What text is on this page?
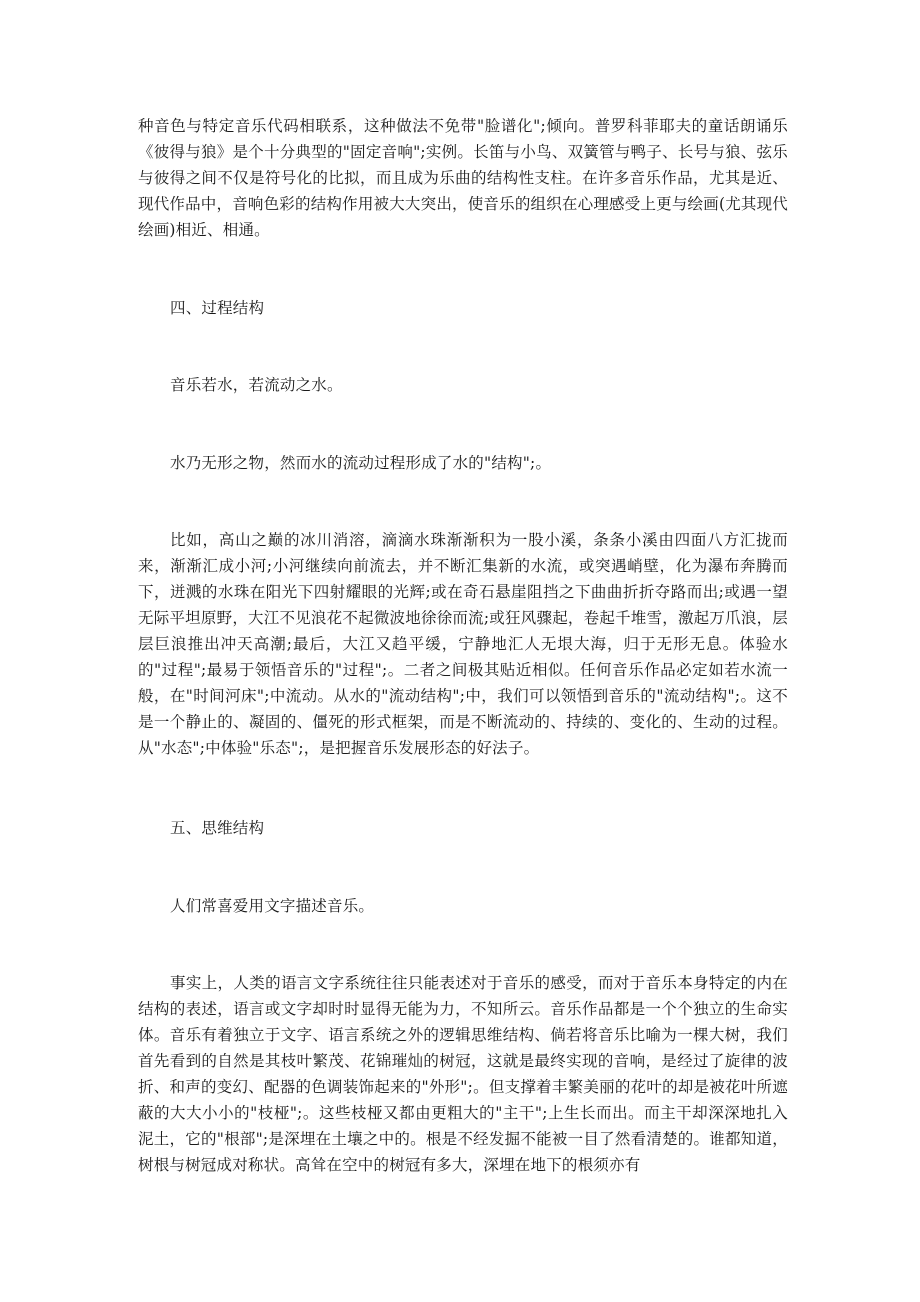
种音色与特定音乐代码相联系，这种做法不免带"脸谱化";倾向。普罗科菲耶夫的童话朗诵乐《彼得与狼》是个十分典型的"固定音响";实例。长笛与小鸟、双簧管与鸭子、长号与狼、弦乐与彼得之间不仅是符号化的比拟，而且成为乐曲的结构性支柱。在许多音乐作品，尤其是近、现代作品中，音响色彩的结构作用被大大突出，使音乐的组织在心理感受上更与绘画(尤其现代绘画)相近、相通。

四、过程结构

音乐若水，若流动之水。

水乃无形之物，然而水的流动过程形成了水的"结构";。

比如，高山之巅的冰川消溶，滴滴水珠渐渐积为一股小溪，条条小溪由四面八方汇拢而来，渐渐汇成小河;小河继续向前流去，并不断汇集新的水流，或突遇峭壁，化为瀑布奔腾而下，迸溅的水珠在阳光下四射耀眼的光辉;或在奇石悬崖阻挡之下曲曲折折夺路而出;或遇一望无际平坦原野，大江不见浪花不起微波地徐徐而流;或狂风骤起，卷起千堆雪，激起万爪浪，层层巨浪推出冲天高潮;最后，大江又趋平缓，宁静地汇人无垠大海，归于无形无息。体验水的"过程";最易于领悟音乐的"过程";。二者之间极其贴近相似。任何音乐作品必定如若水流一般，在"时间河床";中流动。从水的"流动结构";中，我们可以领悟到音乐的"流动结构";。这不是一个静止的、凝固的、僵死的形式框架，而是不断流动的、持续的、变化的、生动的过程。从"水态";中体验"乐态";，是把握音乐发展形态的好法子。

五、思维结构

人们常喜爱用文字描述音乐。

事实上，人类的语言文字系统往往只能表述对于音乐的感受，而对于音乐本身特定的内在结构的表述，语言或文字却时时显得无能为力，不知所云。音乐作品都是一个个独立的生命实体。音乐有着独立于文字、语言系统之外的逻辑思维结构、倘若将音乐比喻为一棵大树，我们首先看到的自然是其枝叶繁茂、花锦璀灿的树冠，这就是最终实现的音响，是经过了旋律的波折、和声的变幻、配器的色调装饰起来的"外形";。但支撑着丰繁美丽的花叶的却是被花叶所遮蔽的大大小小的"枝桠";。这些枝桠又都由更粗大的"主干";上生长而出。而主干却深深地扎入泥土，它的"根部";是深埋在土壤之中的。根是不经发掘不能被一目了然看清楚的。谁都知道，树根与树冠成对称状。高耸在空中的树冠有多大，深埋在地下的根须亦有
